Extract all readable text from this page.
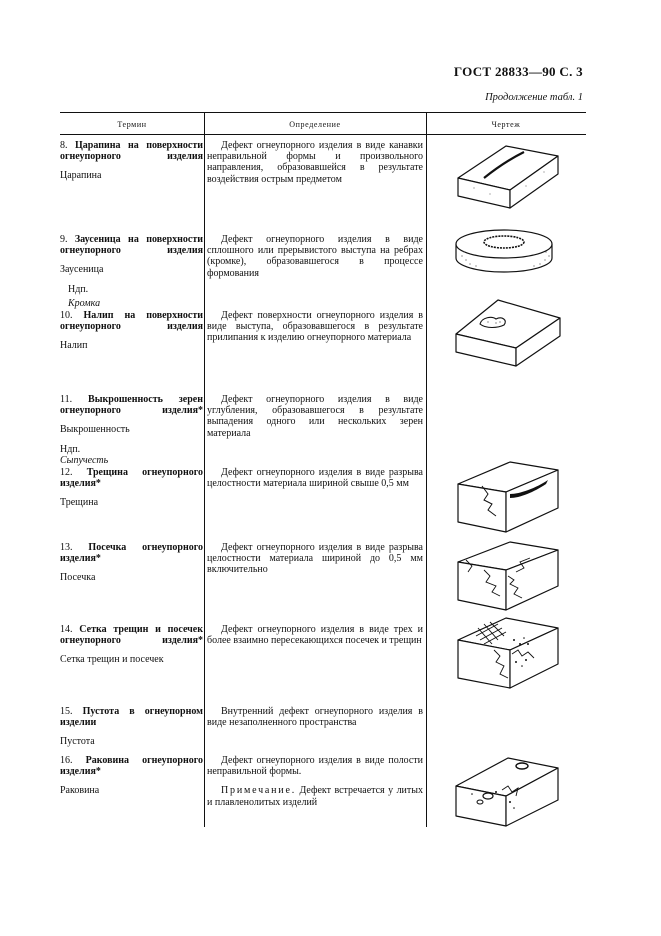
ГОСТ 28833—90 С. 3
Продолжение табл. 1
Термин	Определение	Чертеж
8. Царапина на поверхности огнеупорного изделия
Царапина
Дефект огнеупорного изделия в виде канавки неправильной формы и произвольного направления, образовавшейся в результате воздействия острым предметом
9. Заусеница на поверхности огнеупорного изделия
Заусеница
Ндп.
Кромка
Дефект огнеупорного изделия в виде сплошного или прерывистого выступа на ребрах (кромке), образовавшегося в процессе формования
10. Налип на поверхности огнеупорного изделия
Налип
Дефект поверхности огнеупорного изделия в виде выступа, образовавшегося в результате прилипания к изделию огнеупорного материала
11. Выкрошенность зерен огнеупорного изделия*
Выкрошенность
Ндп.
Сыпучесть
Дефект огнеупорного изделия в виде углубления, образовавшегося в результате выпадения одного или нескольких зерен материала
12. Трещина огнеупорного изделия*
Трещина
Дефект огнеупорного изделия в виде разрыва целостности материала шириной свыше 0,5 мм
13. Посечка огнеупорного изделия*
Посечка
Дефект огнеупорного изделия в виде разрыва целостности материала шириной до 0,5 мм включительно
14. Сетка трещин и посечек огнеупорного изделия*
Сетка трещин и посечек
Дефект огнеупорного изделия в виде трех и более взаимно пересекающихся посечек и трещин
15. Пустота в огнеупорном изделии
Пустота
Внутренний дефект огнеупорного изделия в виде незаполненного пространства
16. Раковина огнеупорного изделия*
Раковина
Дефект огнеупорного изделия в виде полости неправильной формы.
Примечание. Дефект встречается у литых и плавленолитых изделий
